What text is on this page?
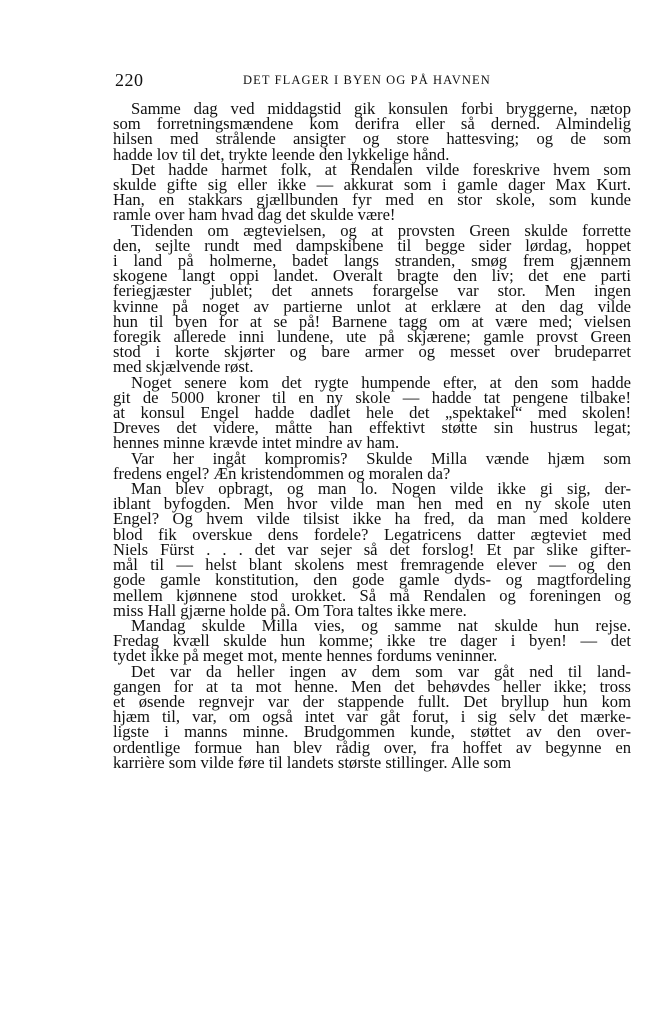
220	DET FLAGER I BYEN OG PÅ HAVNEN

Samme dag ved middagstid gik konsulen forbi bryggerne, nætop
som forretningsmændene kom derifra eller så derned. Almindelig
hilsen med strålende ansigter og store hattesving; og de som
hadde lov til det, trykte leende den lykkelige hånd.

Det hadde harmet folk, at Rendalen vilde foreskrive hvem som
skulde gifte sig eller ikke — akkurat som i gamle dager Max Kurt.
Han, en stakkars gjællbunden fyr med en stor skole, som kunde
ramle over ham hvad dag det skulde være!

Tidenden om ægtevielsen, og at provsten Green skulde forrette
den, sejlte rundt med dampskibene til begge sider lørdag, hoppet
i land på holmerne, badet langs stranden, smøg frem gjænnem
skogene langt oppi landet. Overalt bragte den liv; det ene parti
feriegjæster jublet; det annets forargelse var stor. Men ingen
kvinne på noget av partierne unlot at erklære at den dag vilde
hun til byen for at se på! Barnene tagg om at være med; vielsen
foregik allerede inni lundene, ute på skjærene; gamle provst Green
stod i korte skjørter og bare armer og messet over brudeparret
med skjælvende røst.

Noget senere kom det rygte humpende efter, at den som hadde
git de 5000 kroner til en ny skole — hadde tat pengene tilbake!
at konsul Engel hadde dadlet hele det „spektakel“ med skolen!
Dreves det videre, måtte han effektivt støtte sin hustrus legat;
hennes minne krævde intet mindre av ham.

Var her ingåt kompromis? Skulde Milla vænde hjæm som
fredens engel? Æn kristendommen og moralen da?

Man blev opbragt, og man lo. Nogen vilde ikke gi sig, der-
iblant byfogden. Men hvor vilde man hen med en ny skole uten
Engel? Og hvem vilde tilsist ikke ha fred, da man med koldere
blod fik overskue dens fordele? Legatricens datter ægteviet med
Niels Fürst . . . det var sejer så det forslog! Et par slike gifter-
mål til — helst blant skolens mest fremragende elever — og den
gode gamle konstitution, den gode gamle dyds- og magtfordeling
mellem kjønnene stod urokket. Så må Rendalen og foreningen og
miss Hall gjærne holde på. Om Tora taltes ikke mere.

Mandag skulde Milla vies, og samme nat skulde hun rejse.
Fredag kvæll skulde hun komme; ikke tre dager i byen! — det
tydet ikke på meget mot, mente hennes fordums veninner.

Det var da heller ingen av dem som var gåt ned til land-
gangen for at ta mot henne. Men det behøvdes heller ikke; tross
et øsende regnvejr var der stappende fullt. Det bryllup hun kom
hjæm til, var, om også intet var gåt forut, i sig selv det mærke-
ligste i manns minne. Brudgommen kunde, støttet av den over-
ordentlige formue han blev rådig over, fra hoffet av begynne en
karrière som vilde føre til landets største stillinger. Alle som
